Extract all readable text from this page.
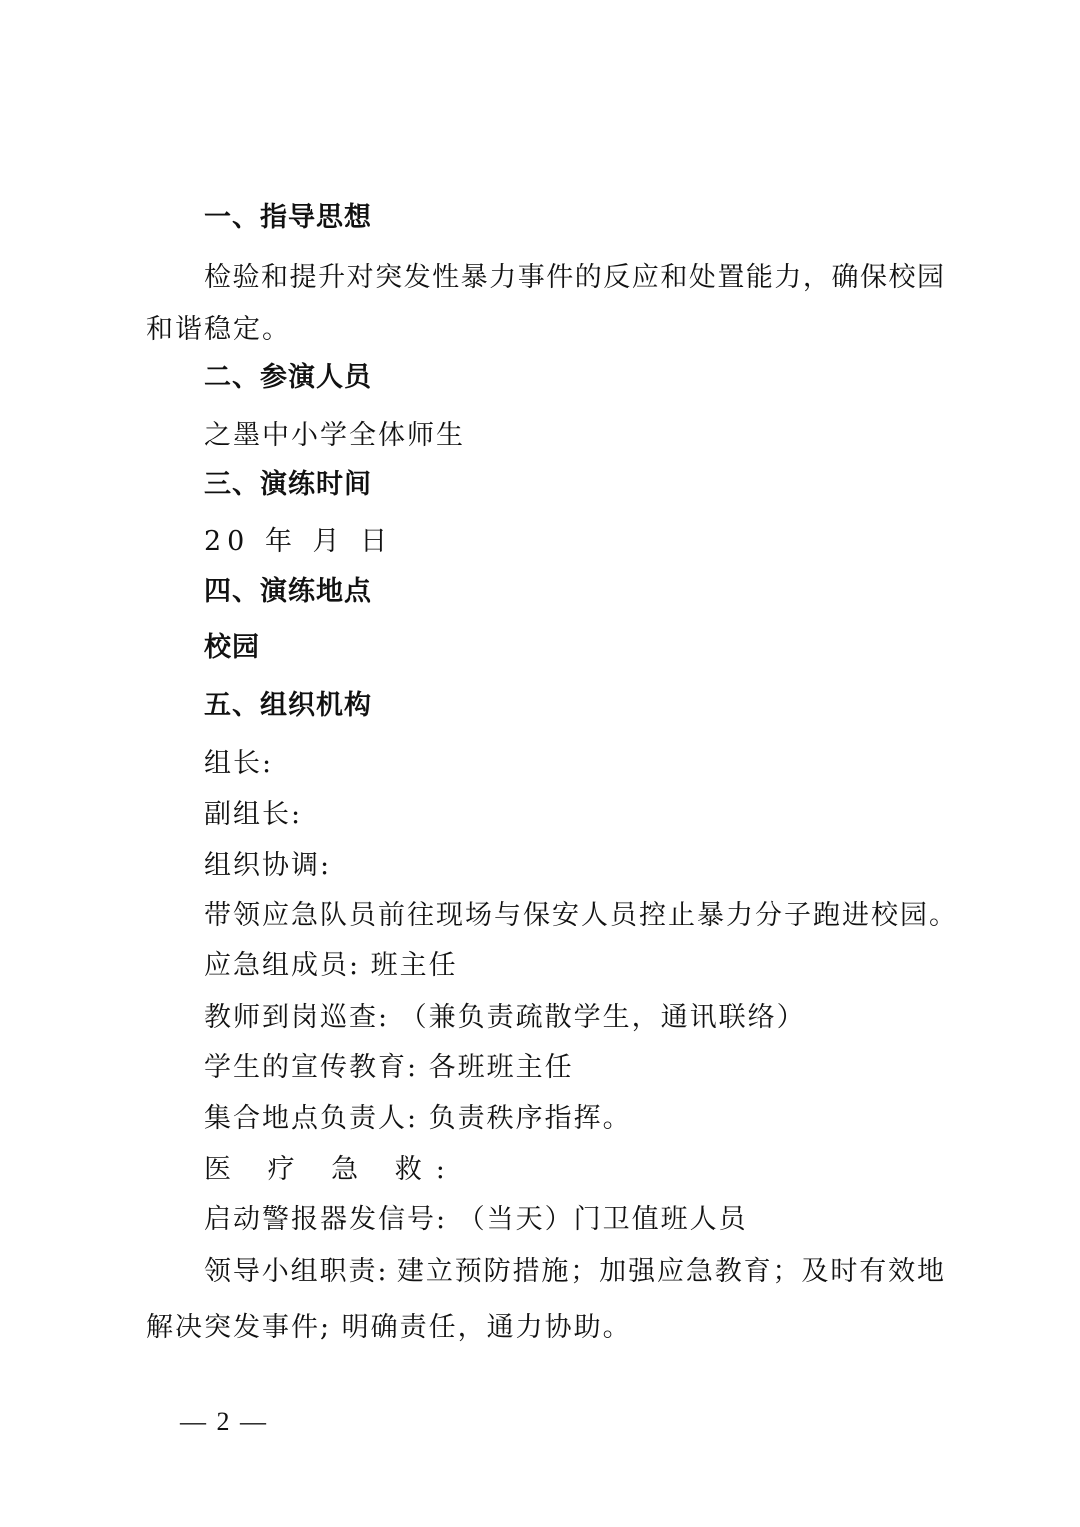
一、指导思想
检验和提升对突发性暴力事件的反应和处置能力，确保校园
和谐稳定。
二、参演人员
之墨中小学全体师生
三、演练时间
20 年 月 日
四、演练地点
校园
五、组织机构
组长:
副组长:
组织协调:
带领应急队员前往现场与保安人员控止暴力分子跑进校园。
应急组成员: 班主任
教师到岗巡查: （兼负责疏散学生，通讯联络）
学生的宣传教育: 各班班主任
集合地点负责人: 负责秩序指挥。
医 疗 急 救:
启动警报器发信号: （当天）门卫值班人员
领导小组职责: 建立预防措施；加强应急教育；及时有效地
解决突发事件; 明确责任，通力协助。
— 2 —
